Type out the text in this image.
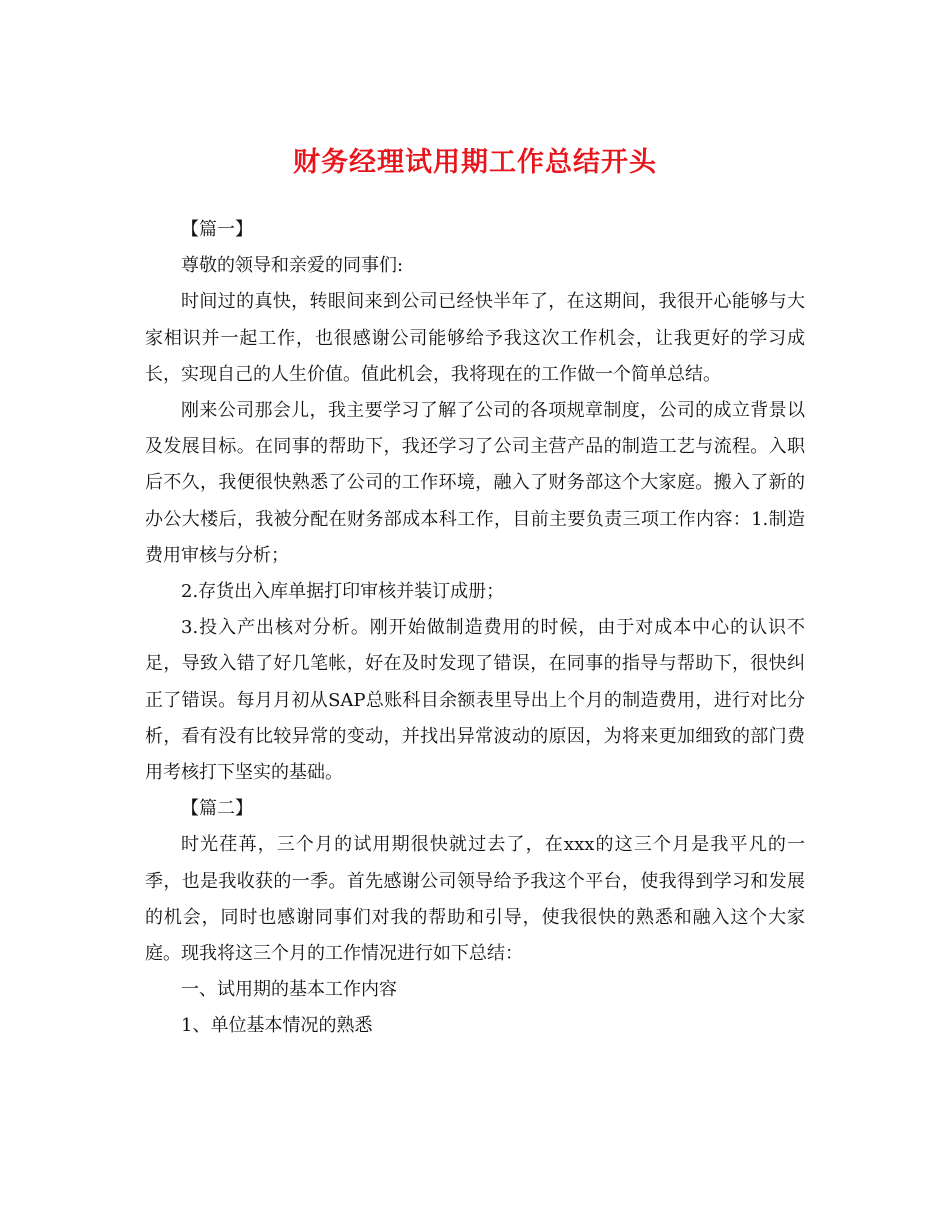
财务经理试用期工作总结开头

【篇一】

尊敬的领导和亲爱的同事们:

时间过的真快，转眼间来到公司已经快半年了，在这期间，我很开心能够与大家相识并一起工作，也很感谢公司能够给予我这次工作机会，让我更好的学习成长，实现自己的人生价值。值此机会，我将现在的工作做一个简单总结。

刚来公司那会儿，我主要学习了解了公司的各项规章制度，公司的成立背景以及发展目标。在同事的帮助下，我还学习了公司主营产品的制造工艺与流程。入职后不久，我便很快熟悉了公司的工作环境，融入了财务部这个大家庭。搬入了新的办公大楼后，我被分配在财务部成本科工作，目前主要负责三项工作内容：1.制造费用审核与分析；

2.存货出入库单据打印审核并装订成册；

3.投入产出核对分析。刚开始做制造费用的时候，由于对成本中心的认识不足，导致入错了好几笔帐，好在及时发现了错误，在同事的指导与帮助下，很快纠正了错误。每月月初从SAP总账科目余额表里导出上个月的制造费用，进行对比分析，看有没有比较异常的变动，并找出异常波动的原因，为将来更加细致的部门费用考核打下坚实的基础。

【篇二】

时光荏苒，三个月的试用期很快就过去了，在xxx的这三个月是我平凡的一季，也是我收获的一季。首先感谢公司领导给予我这个平台，使我得到学习和发展的机会，同时也感谢同事们对我的帮助和引导，使我很快的熟悉和融入这个大家庭。现我将这三个月的工作情况进行如下总结：

一、试用期的基本工作内容

1、单位基本情况的熟悉
